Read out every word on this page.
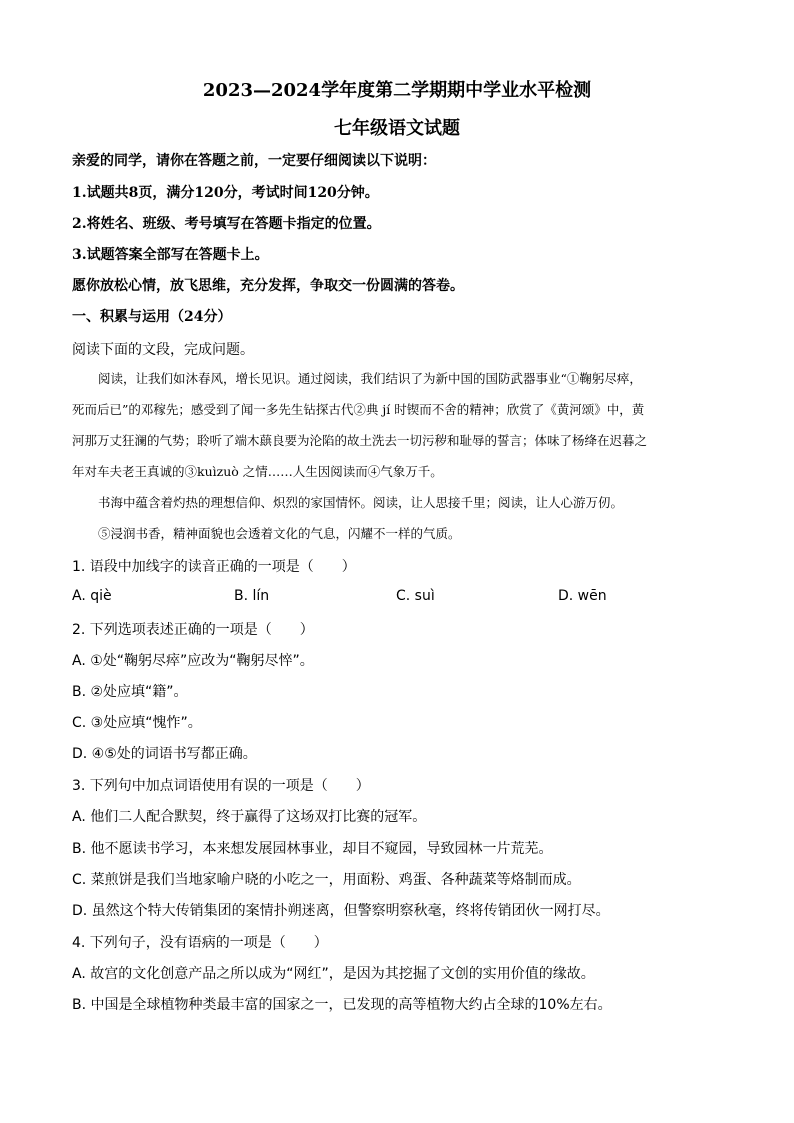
2023—2024学年度第二学期期中学业水平检测
七年级语文试题
亲爱的同学，请你在答题之前，一定要仔细阅读以下说明：
1.试题共8页，满分120分，考试时间120分钟。
2.将姓名、班级、考号填写在答题卡指定的位置。
3.试题答案全部写在答题卡上。
愿你放松心情，放飞思维，充分发挥，争取交一份圆满的答卷。
一、积累与运用（24分）
阅读下面的文段，完成问题。
阅读，让我们如沐春风，增长见识。通过阅读，我们结识了为新中国的国防武器事业“①鞠躬尽瘁，
死而后已”的邓稼先；感受到了闻一多先生钻探古代②典 jí 时锲而不舍的精神；欣赏了《黄河颂》中，黄
河那万丈狂澜的气势；聆听了端木蕻良要为沦陷的故土洗去一切污秽和耻辱的誓言；体味了杨绛在迟暮之
年对车夫老王真诚的③kuìzuò 之情……人生因阅读而④气象万千。
书海中蕴含着灼热的理想信仰、炽烈的家国情怀。阅读，让人思接千里；阅读，让人心游万仞。
⑤浸润书香，精神面貌也会透着文化的气息，闪耀不一样的气质。
1. 语段中加线字的读音正确的一项是（　　）
A. qiè	B. lín	C. suì	D. wēn
2. 下列选项表述正确的一项是（　　）
A. ①处“鞠躬尽瘁”应改为“鞠躬尽悴”。
B. ②处应填“籍”。
C. ③处应填“愧怍”。
D. ④⑤处的词语书写都正确。
3. 下列句中加点词语使用有误的一项是（　　）
A. 他们二人配合默契，终于赢得了这场双打比赛的冠军。
B. 他不愿读书学习，本来想发展园林事业，却目不窥园，导致园林一片荒芜。
C. 菜煎饼是我们当地家喻户晓的小吃之一，用面粉、鸡蛋、各种蔬菜等烙制而成。
D. 虽然这个特大传销集团的案情扑朔迷离，但警察明察秋毫，终将传销团伙一网打尽。
4. 下列句子，没有语病的一项是（　　）
A. 故宫的文化创意产品之所以成为“网红”，是因为其挖掘了文创的实用价值的缘故。
B. 中国是全球植物种类最丰富的国家之一，已发现的高等植物大约占全球的10%左右。
